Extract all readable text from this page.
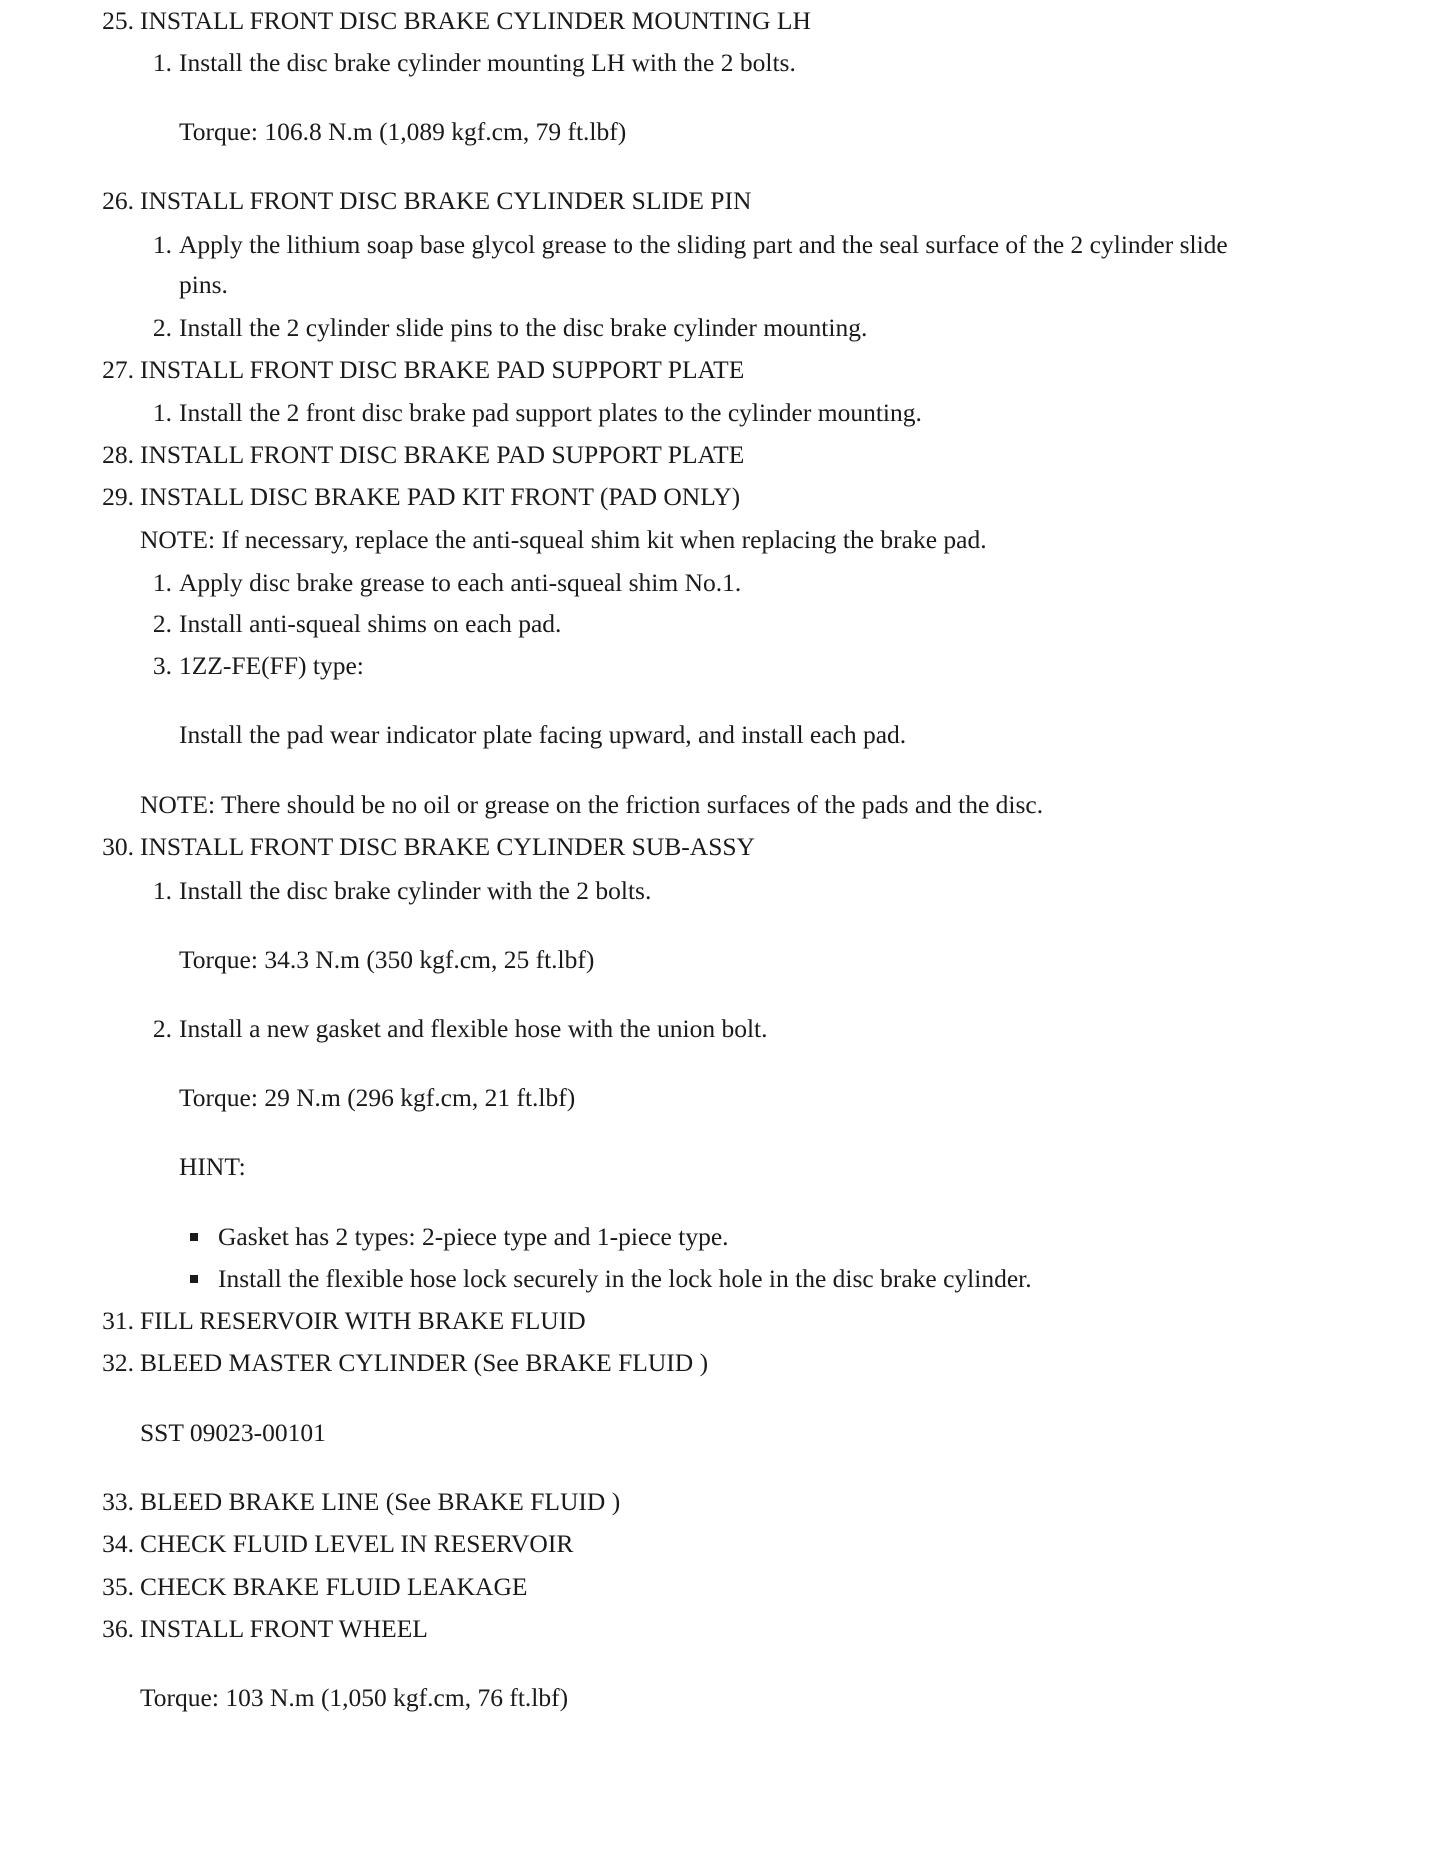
25. INSTALL FRONT DISC BRAKE CYLINDER MOUNTING LH
1. Install the disc brake cylinder mounting LH with the 2 bolts.
Torque: 106.8 N.m (1,089 kgf.cm, 79 ft.lbf)
26. INSTALL FRONT DISC BRAKE CYLINDER SLIDE PIN
1. Apply the lithium soap base glycol grease to the sliding part and the seal surface of the 2 cylinder slide
pins.
2. Install the 2 cylinder slide pins to the disc brake cylinder mounting.
27. INSTALL FRONT DISC BRAKE PAD SUPPORT PLATE
1. Install the 2 front disc brake pad support plates to the cylinder mounting.
28. INSTALL FRONT DISC BRAKE PAD SUPPORT PLATE
29. INSTALL DISC BRAKE PAD KIT FRONT (PAD ONLY)
NOTE: If necessary, replace the anti-squeal shim kit when replacing the brake pad.
1. Apply disc brake grease to each anti-squeal shim No.1.
2. Install anti-squeal shims on each pad.
3. 1ZZ-FE(FF) type:
Install the pad wear indicator plate facing upward, and install each pad.
NOTE: There should be no oil or grease on the friction surfaces of the pads and the disc.
30. INSTALL FRONT DISC BRAKE CYLINDER SUB-ASSY
1. Install the disc brake cylinder with the 2 bolts.
Torque: 34.3 N.m (350 kgf.cm, 25 ft.lbf)
2. Install a new gasket and flexible hose with the union bolt.
Torque: 29 N.m (296 kgf.cm, 21 ft.lbf)
HINT:
Gasket has 2 types: 2-piece type and 1-piece type.
Install the flexible hose lock securely in the lock hole in the disc brake cylinder.
31. FILL RESERVOIR WITH BRAKE FLUID
32. BLEED MASTER CYLINDER (See BRAKE FLUID )
SST 09023-00101
33. BLEED BRAKE LINE (See BRAKE FLUID )
34. CHECK FLUID LEVEL IN RESERVOIR
35. CHECK BRAKE FLUID LEAKAGE
36. INSTALL FRONT WHEEL
Torque: 103 N.m (1,050 kgf.cm, 76 ft.lbf)
